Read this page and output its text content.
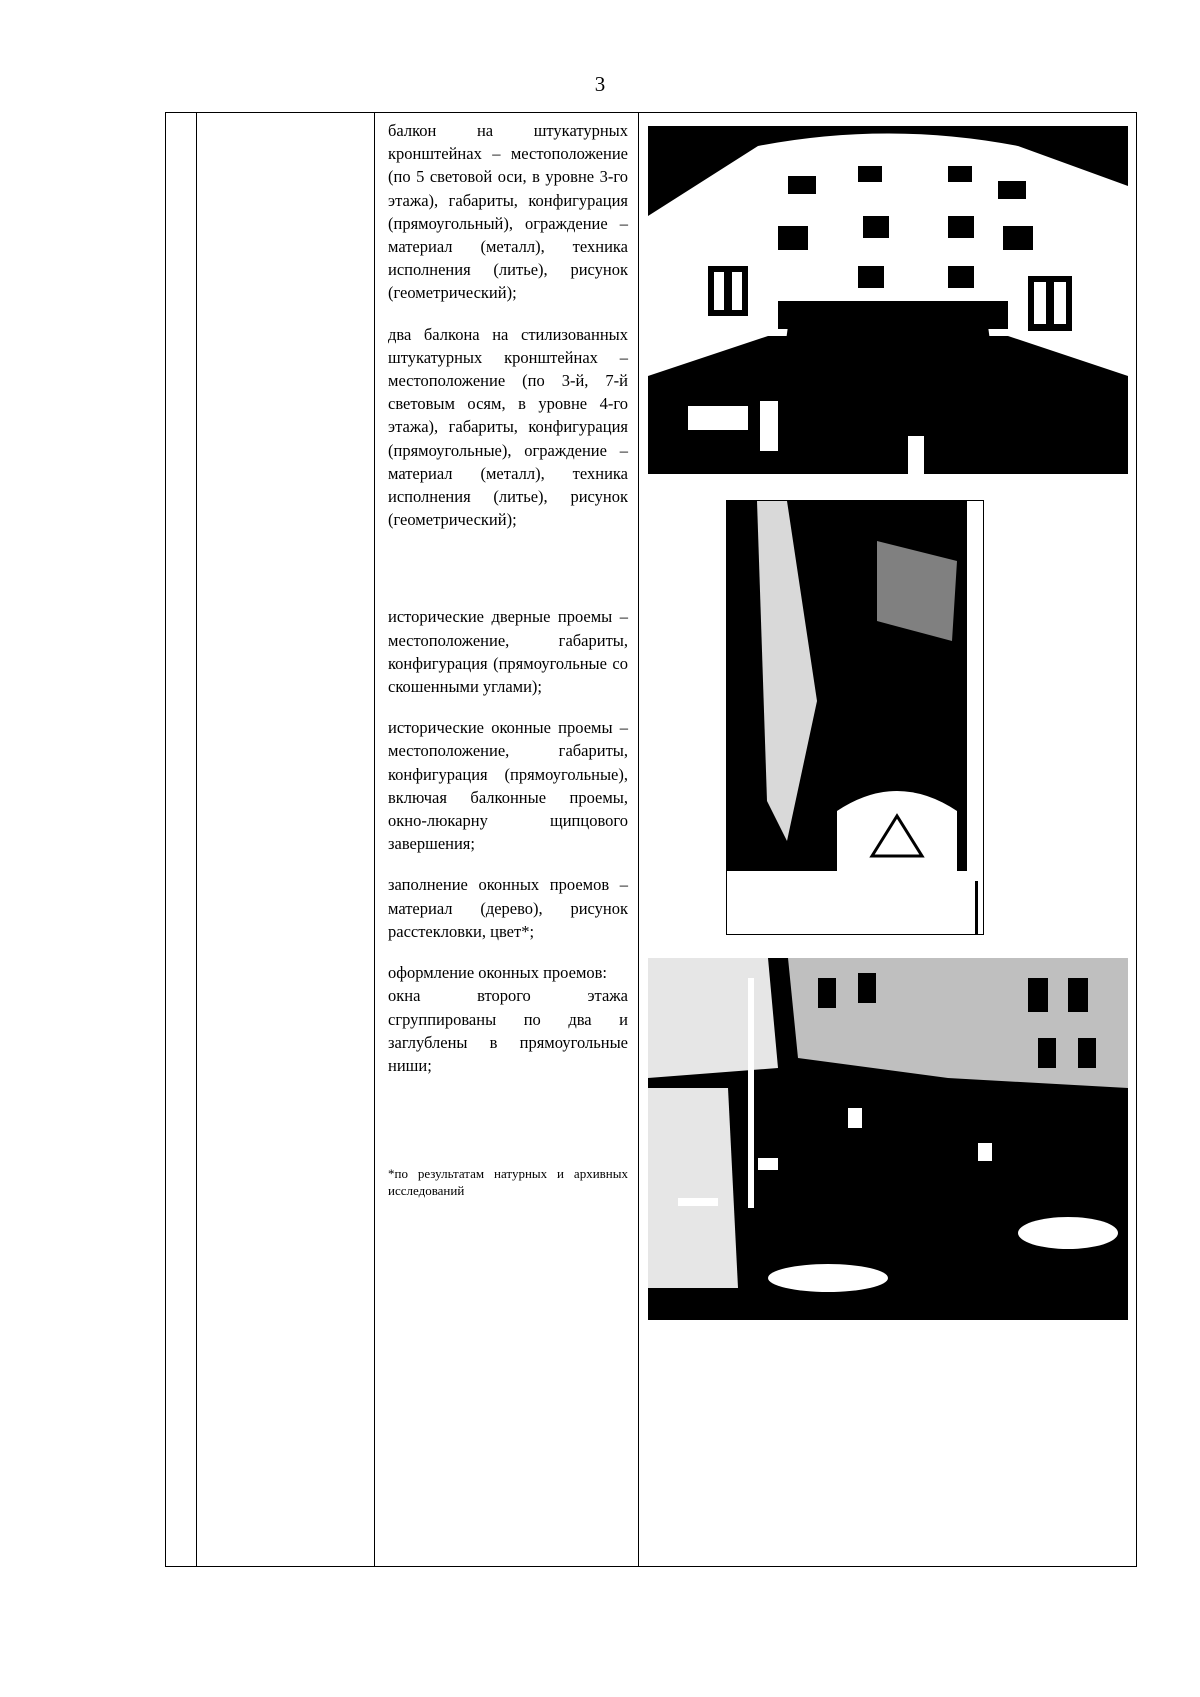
3

балкон на штукатурных кронштейнах – местоположение (по 5 световой оси, в уровне 3-го этажа), габариты, конфигурация (прямоугольный), ограждение – материал (металл), техника исполнения (литье), рисунок (геометрический);

два балкона на стилизованных штукатурных кронштейнах – местоположение (по 3-й, 7-й световым осям, в уровне 4-го этажа), габариты, конфигурация (прямоугольные), ограждение – материал (металл), техника исполнения (литье), рисунок (геометрический);

исторические дверные проемы – местоположение, габариты, конфигурация (прямоугольные со скошенными углами);

исторические оконные проемы – местоположение, габариты, конфигурация (прямоугольные), включая балконные проемы, окно-люкарну щипцового завершения;

заполнение оконных проемов – материал (дерево), рисунок расстекловки, цвет*;

оформление оконных проемов:

окна второго этажа сгруппированы по два и заглублены в прямоугольные ниши;

*по результатам натурных и архивных исследований
